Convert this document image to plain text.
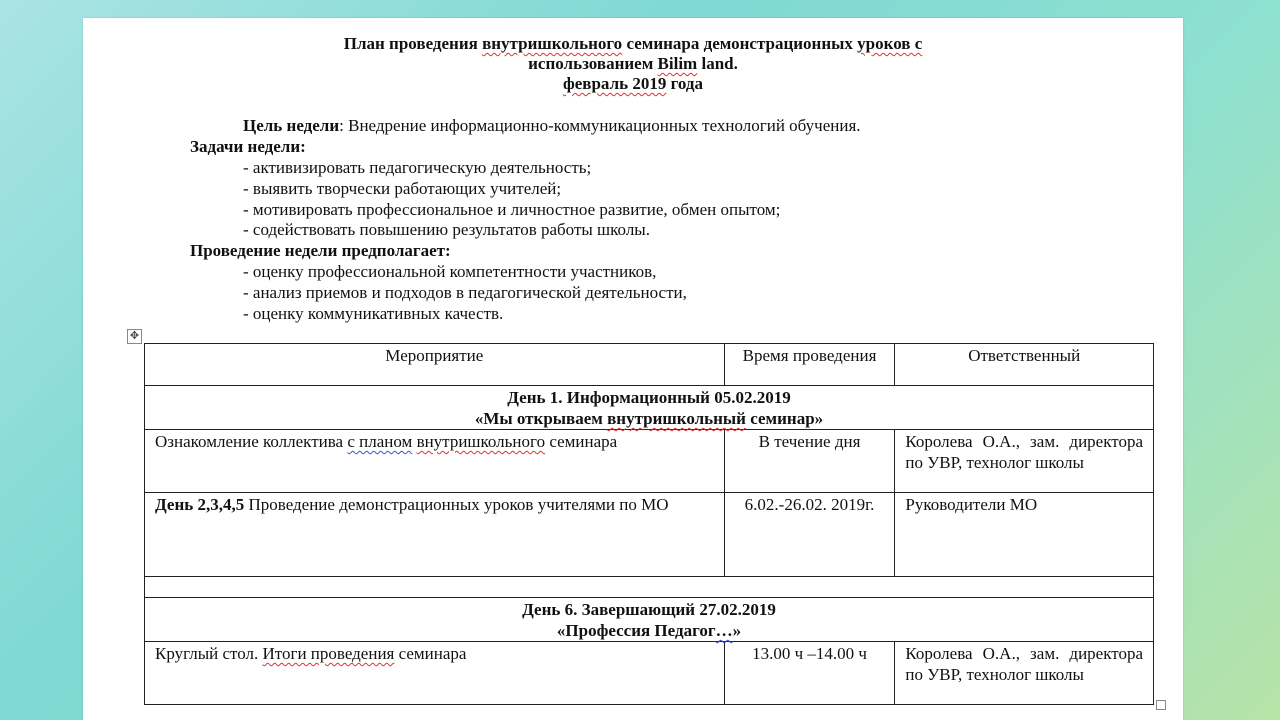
План проведения внутришкольного семинара демонстрационных уроков с
использованием Bilim land.
февраль 2019 года
Цель недели: Внедрение информационно-коммуникационных технологий обучения.
Задачи недели:
- активизировать педагогическую деятельность;
- выявить творчески работающих учителей;
- мотивировать профессиональное и личностное развитие, обмен опытом;
- содействовать повышению результатов работы школы.
Проведение недели предполагает:
- оценку профессиональной компетентности участников,
- анализ приемов и подходов в педагогической деятельности,
- оценку коммуникативных качеств.
✥
Мероприятие	Время проведения	Ответственный

День 1. Информационный 05.02.2019
«Мы открываем внутришкольный семинар»		

Ознакомление коллектива с планом внутришкольного семинара	В течение дня	Королева О.А., зам. директора по УВР, технолог школы
День 2,3,4,5 Проведение демонстрационных уроков учителями по МО	6.02.-26.02. 2019г.	Руководители МО

День 6. Завершающий 27.02.2019
«Профессия Педагог…»		

Круглый стол. Итоги проведения семинара	13.00 ч –14.00 ч	Королева О.А., зам. директора по УВР, технолог школы
